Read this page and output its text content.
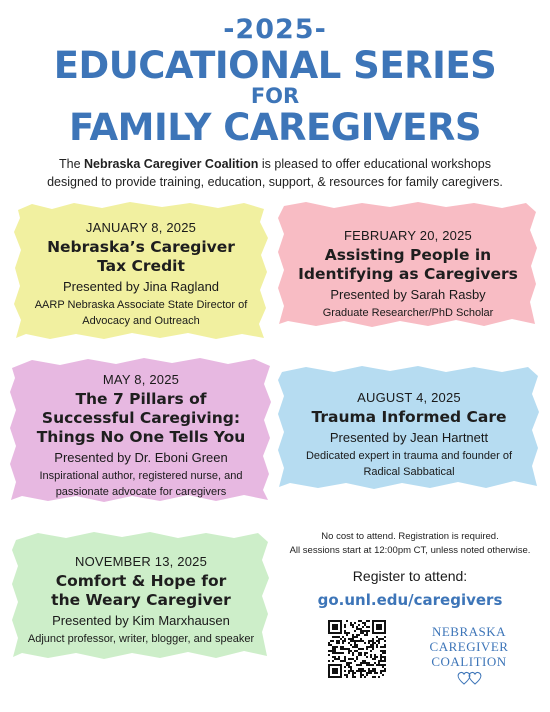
-2025-
EDUCATIONAL SERIES
FOR
FAMILY CAREGIVERS
The Nebraska Caregiver Coalition is pleased to offer educational workshops
designed to provide training, education, support, & resources for family caregivers.
JANUARY 8, 2025
Nebraska’s Caregiver
Tax Credit
Presented by Jina Ragland
AARP Nebraska Associate State Director of
Advocacy and Outreach
FEBRUARY 20, 2025
Assisting People in
Identifying as Caregivers
Presented by Sarah Rasby
Graduate Researcher/PhD Scholar
MAY 8, 2025
The 7 Pillars of
Successful Caregiving:
Things No One Tells You
Presented by Dr. Eboni Green
Inspirational author, registered nurse, and
passionate advocate for caregivers
AUGUST 4, 2025
Trauma Informed Care
Presented by Jean Hartnett
Dedicated expert in trauma and founder of
Radical Sabbatical
NOVEMBER 13, 2025
Comfort & Hope for
the Weary Caregiver
Presented by Kim Marxhausen
Adjunct professor, writer, blogger, and speaker
No cost to attend. Registration is required.
All sessions start at 12:00pm CT, unless noted otherwise.
Register to attend:
go.unl.edu/caregivers
NEBRASKA
CAREGIVER
COALITION
